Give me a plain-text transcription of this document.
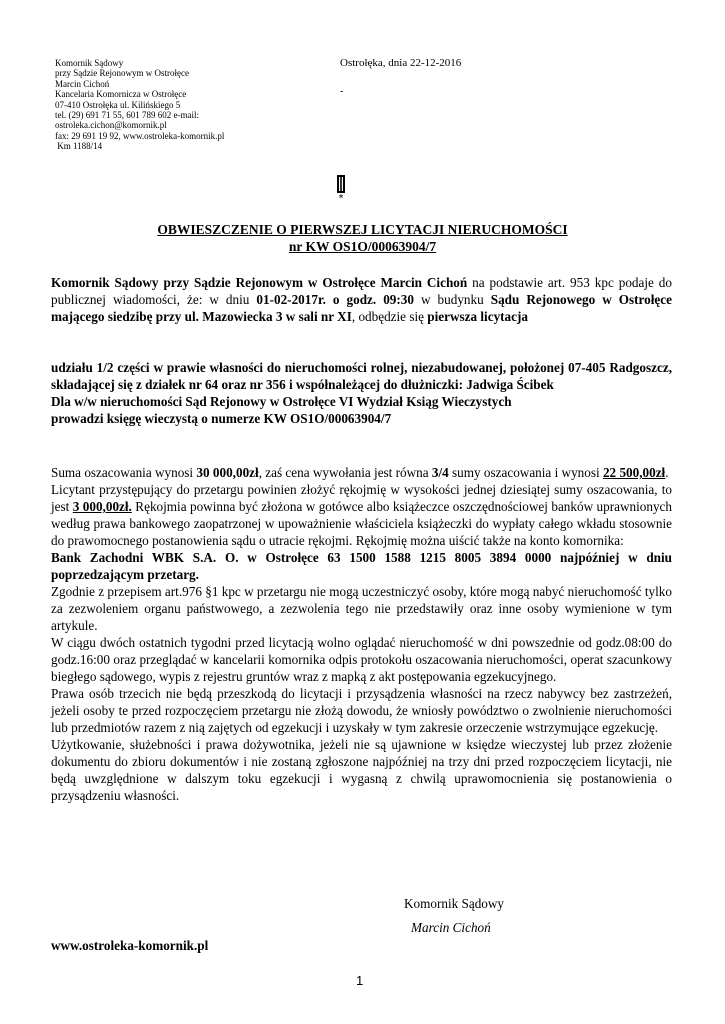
Komornik Sądowy
przy Sądzie Rejonowym w Ostrołęce
Marcin Cichoń
Kancelaria Komornicza w Ostrołęce
07-410 Ostrołęka ul. Kilińskiego 5
tel. (29) 691 71 55, 601 789 602 e-mail:
ostroleka.cichon@komornik.pl
fax: 29 691 19 92, www.ostroleka-komornik.pl
Km 1188/14
Ostrołęka, dnia 22-12-2016
-
*
OBWIESZCZENIE O PIERWSZEJ LICYTACJI NIERUCHOMOŚCI
nr KW OS1O/00063904/7

Komornik Sądowy przy Sądzie Rejonowym w Ostrołęce Marcin Cichoń na podstawie art. 953 kpc podaje do publicznej wiadomości, że: w dniu 01-02-2017r. o godz. 09:30 w budynku Sądu Rejonowego w Ostrołęce mającego siedzibę przy ul. Mazowiecka 3 w sali nr XI, odbędzie się pierwsza licytacja

udziału 1/2 części w prawie własności do nieruchomości rolnej, niezabudowanej, położonej 07-405 Radgoszcz, składającej się z działek nr 64 oraz nr 356 i współnależącej do dłużniczki: Jadwiga Ścibek

Dla w/w nieruchomości Sąd Rejonowy w Ostrołęce VI Wydział Ksiąg Wieczystych

prowadzi księgę wieczystą o numerze KW OS1O/00063904/7

Suma oszacowania wynosi 30 000,00zł, zaś cena wywołania jest równa 3/4 sumy oszacowania i wynosi 22 500,00zł.

Licytant przystępujący do przetargu powinien złożyć rękojmię w wysokości jednej dziesiątej sumy oszacowania, to jest 3 000,00zł. Rękojmia powinna być złożona w gotówce albo książeczce oszczędnościowej banków uprawnionych według prawa bankowego zaopatrzonej w upoważnienie właściciela książeczki do wypłaty całego wkładu stosownie do prawomocnego postanowienia sądu o utracie rękojmi. Rękojmię można uiścić także na konto komornika:

Bank Zachodni WBK S.A. O. w Ostrołęce 63 1500 1588 1215 8005 3894 0000 najpóźniej w dniu poprzedzającym przetarg.

Zgodnie z przepisem art.976 §1 kpc w przetargu nie mogą uczestniczyć osoby, które mogą nabyć nieruchomość tylko za zezwoleniem organu państwowego, a zezwolenia tego nie przedstawiły oraz inne osoby wymienione w tym artykule.

W ciągu dwóch ostatnich tygodni przed licytacją wolno oglądać nieruchomość w dni powszednie od godz.08:00 do godz.16:00 oraz przeglądać w kancelarii komornika odpis protokołu oszacowania nieruchomości, operat szacunkowy biegłego sądowego, wypis z rejestru gruntów wraz z mapką z akt postępowania egzekucyjnego.

Prawa osób trzecich nie będą przeszkodą do licytacji i przysądzenia własności na rzecz nabywcy bez zastrzeżeń, jeżeli osoby te przed rozpoczęciem przetargu nie złożą dowodu, że wniosły powództwo o zwolnienie nieruchomości lub przedmiotów razem z nią zajętych od egzekucji i uzyskały w tym zakresie orzeczenie wstrzymujące egzekucję.

Użytkowanie, służebności i prawa dożywotnika, jeżeli nie są ujawnione w księdze wieczystej lub przez złożenie dokumentu do zbioru dokumentów i nie zostaną zgłoszone najpóźniej na trzy dni przed rozpoczęciem licytacji, nie będą uwzględnione w dalszym toku egzekucji i wygasną z chwilą uprawomocnienia się postanowienia o przysądzeniu własności.

Komornik Sądowy
Marcin Cichoń
www.ostroleka-komornik.pl
1
